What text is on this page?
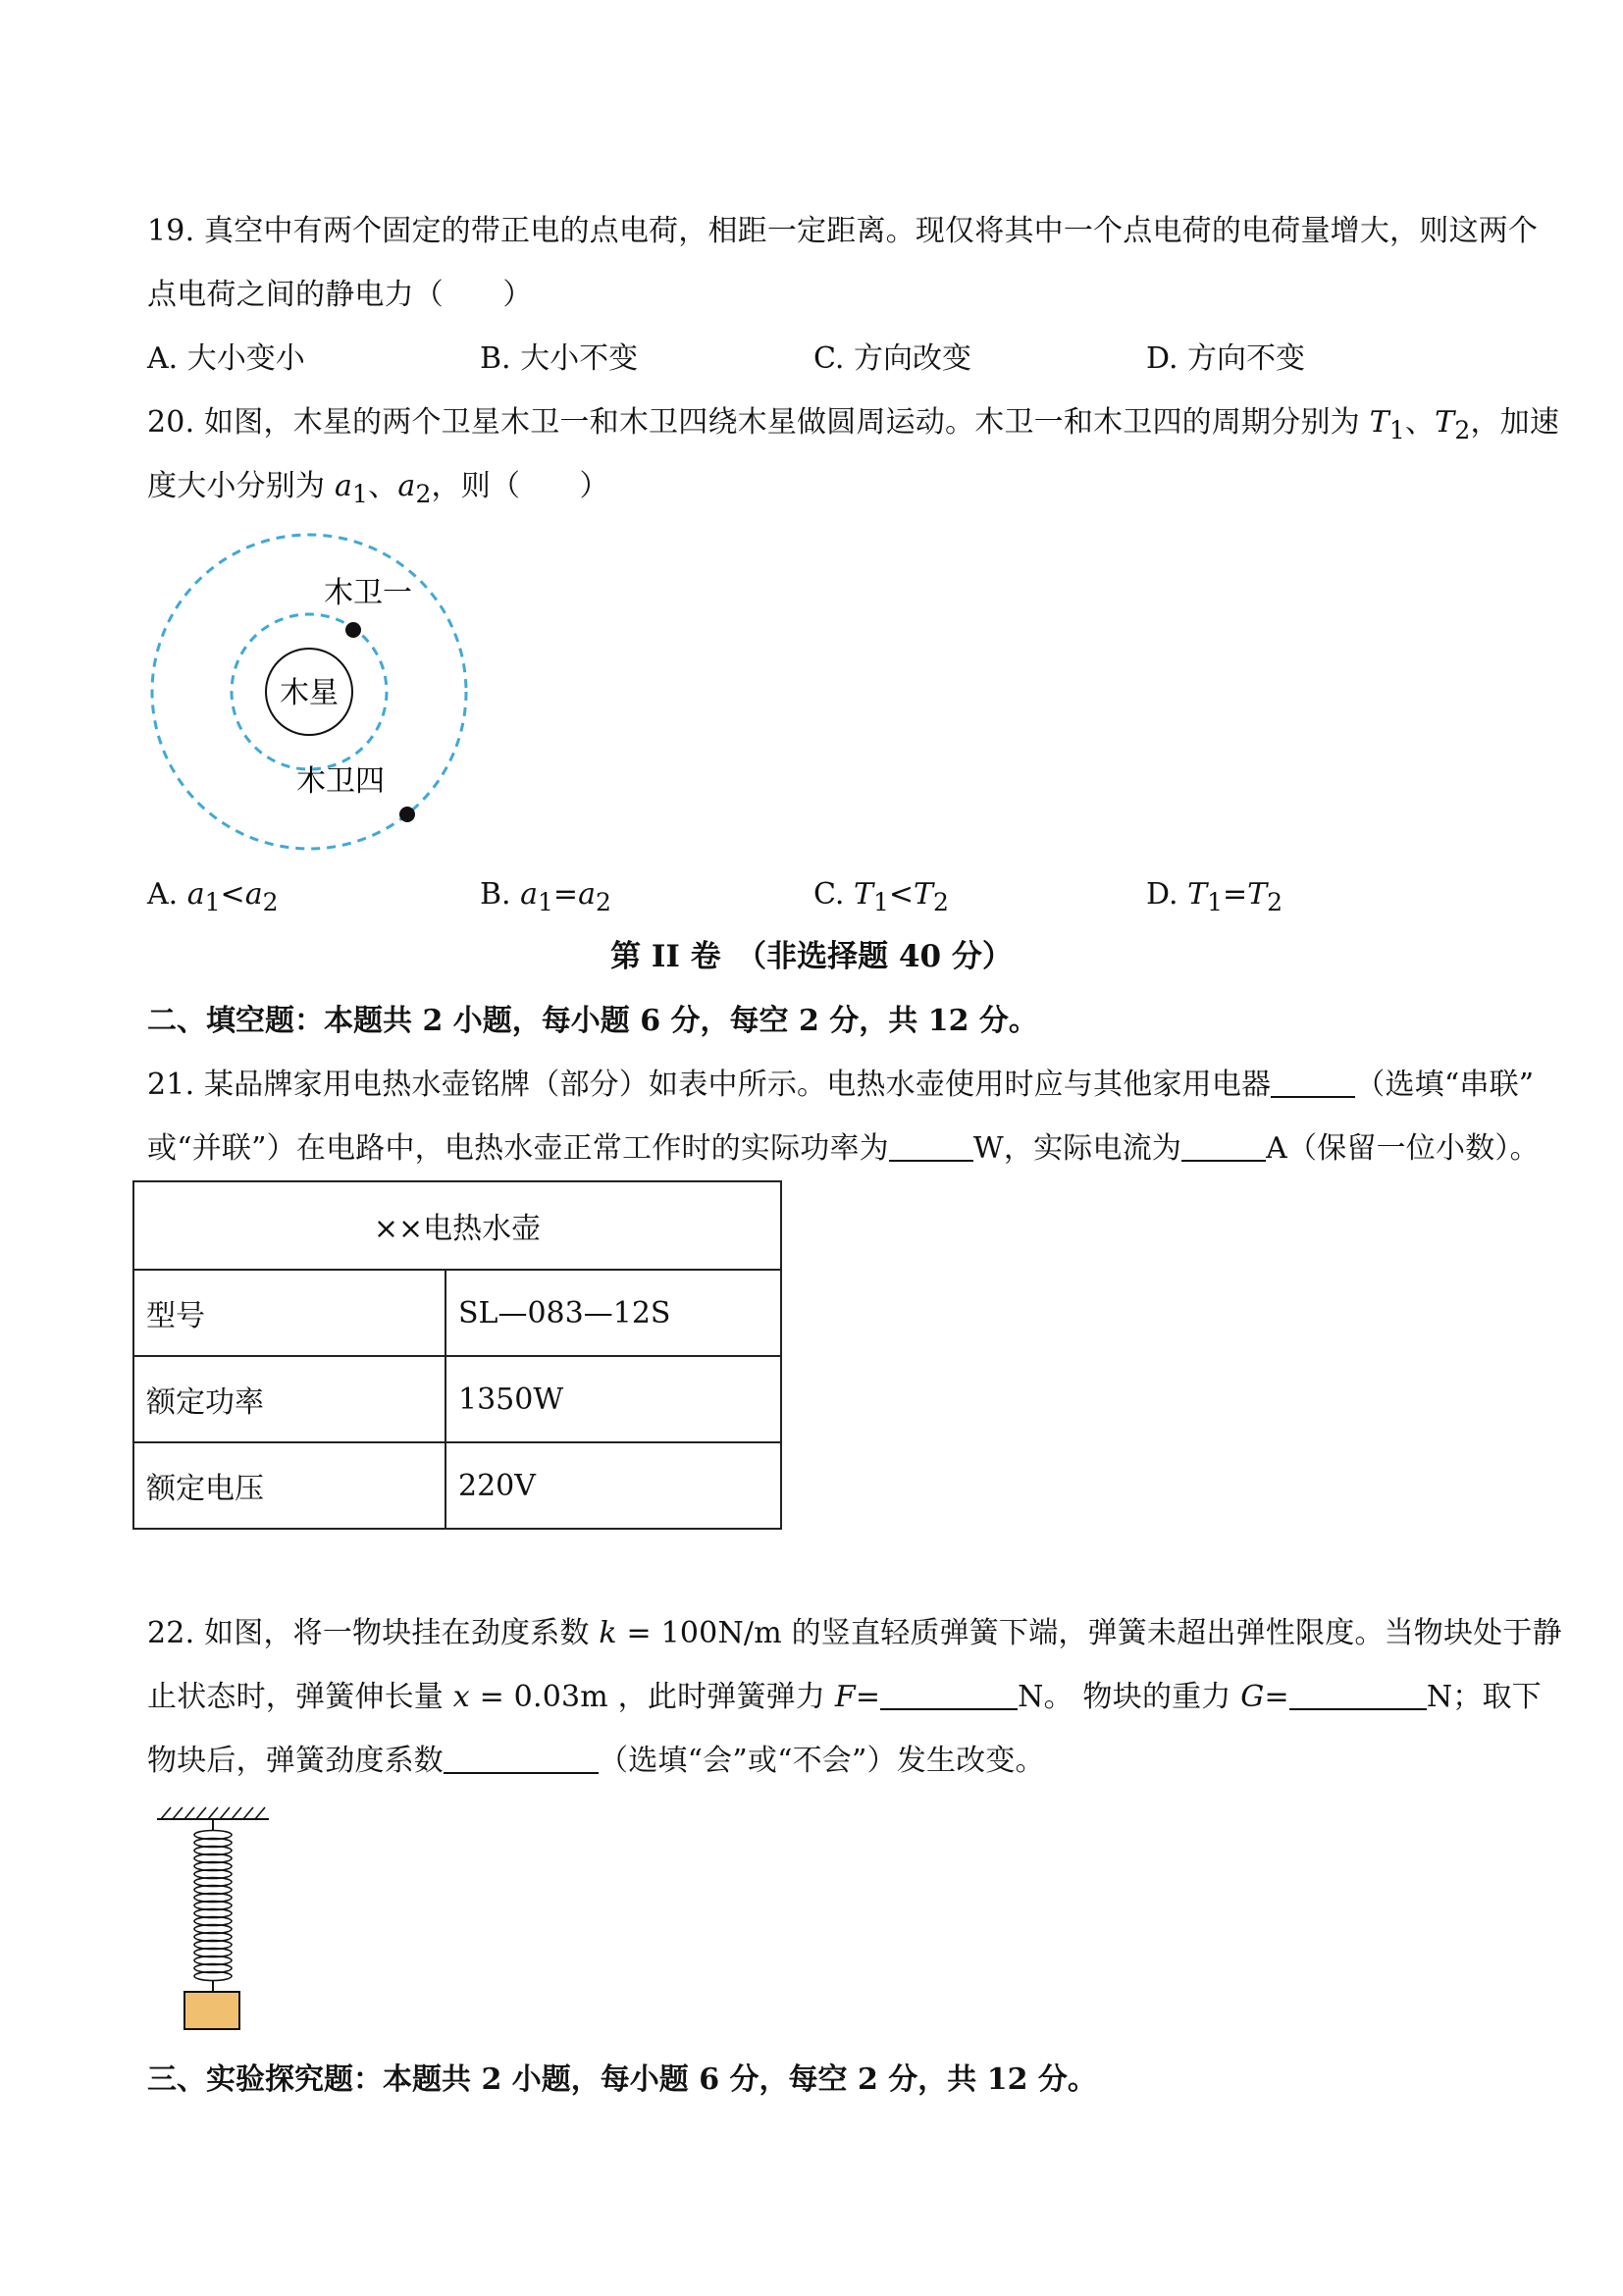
19. 真空中有两个固定的带正电的点电荷，相距一定距离。现仅将其中一个点电荷的电荷量增大，则这两个
点电荷之间的静电力（　　）
A. 大小变小	B. 大小不变	C. 方向改变	D. 方向不变
20. 如图，木星的两个卫星木卫一和木卫四绕木星做圆周运动。木卫一和木卫四的周期分别为 $T_1$、$T_2$，加速
度大小分别为 $a_1$、$a_2$，则（　　）
木星
木卫一
木卫四
A. $a_1<a_2$	B. $a_1=a_2$	C. $T_1<T_2$	D. $T_1=T_2$
第 II 卷　（非选择题 40 分）
二、填空题：本题共 2 小题，每小题 6 分，每空 2 分，共 12 分。
21. 某品牌家用电热水壶铭牌（部分）如表中所示。电热水壶使用时应与其他家用电器	（选填“串联”
或“并联”）在电路中，电热水壶正常工作时的实际功率为	W，实际电流为	A（保留一位小数）。
××电热水壶	
型号	SL—083—12S
额定功率	1350W
额定电压	220V
22. 如图，将一物块挂在劲度系数 k = 100N/m 的竖直轻质弹簧下端，弹簧未超出弹性限度。当物块处于静
止状态时，弹簧伸长量 x = 0.03m ，此时弹簧弹力 F=	N。 物块的重力 G=	N；取下
物块后，弹簧劲度系数	（选填“会”或“不会”）发生改变。
三、实验探究题：本题共 2 小题，每小题 6 分，每空 2 分，共 12 分。
